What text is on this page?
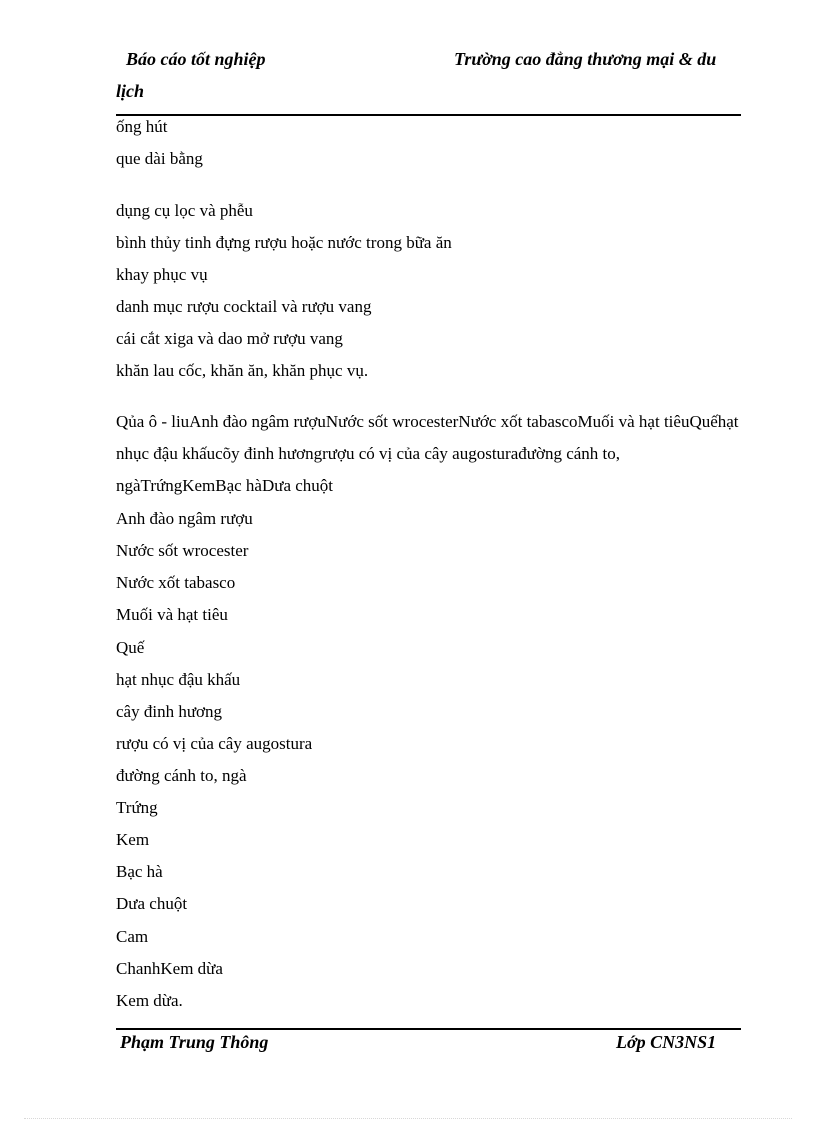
Báo cáo tốt nghiệp	Trường cao đẳng thương mại & du
lịch
ống hút
que dài bằng
dụng cụ lọc và phễu
bình thủy tinh đựng rượu hoặc nước trong bữa ăn
khay phục vụ
danh mục rượu cocktail và rượu vang
cái cắt xiga và dao mở rượu vang
khăn lau cốc, khăn ăn, khăn phục vụ.
Qủa ô - liuAnh đào ngâm rượuNước sốt wrocesterNước xốt tabascoMuối và hạt tiêuQuếhạt nhục đậu khấucõy đinh hươngrượu có vị của cây augosturađường cánh to, ngàTrứngKemBạc hàDưa chuột
Anh đào ngâm rượu
Nước sốt wrocester
Nước xốt tabasco
Muối và hạt tiêu
Quế
hạt nhục đậu khấu
cây đinh hương
rượu có vị của cây augostura
đường cánh to, ngà
Trứng
Kem
Bạc hà
Dưa chuột
Cam
ChanhKem dừa
Kem dừa.
Phạm Trung Thông	Lớp CN3NS1
